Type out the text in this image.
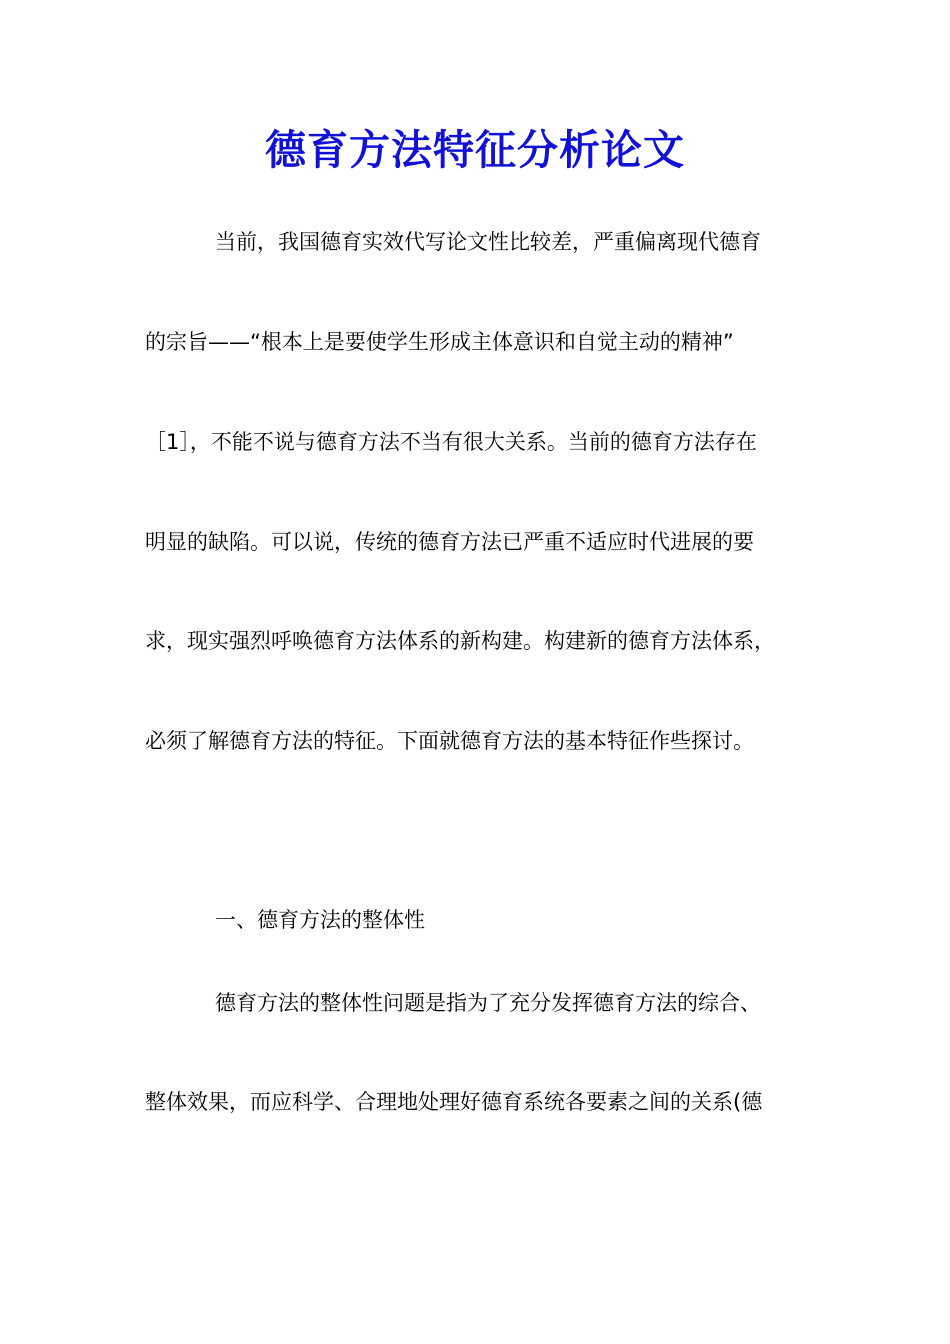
德育方法特征分析论文
当前，我国德育实效代写论文性比较差，严重偏离现代德育
的宗旨——“根本上是要使学生形成主体意识和自觉主动的精神”
［1］，不能不说与德育方法不当有很大关系。当前的德育方法存在
明显的缺陷。可以说，传统的德育方法已严重不适应时代进展的要
求，现实强烈呼唤德育方法体系的新构建。构建新的德育方法体系，
必须了解德育方法的特征。下面就德育方法的基本特征作些探讨。
一、德育方法的整体性
德育方法的整体性问题是指为了充分发挥德育方法的综合、
整体效果，而应科学、合理地处理好德育系统各要素之间的关系(德
